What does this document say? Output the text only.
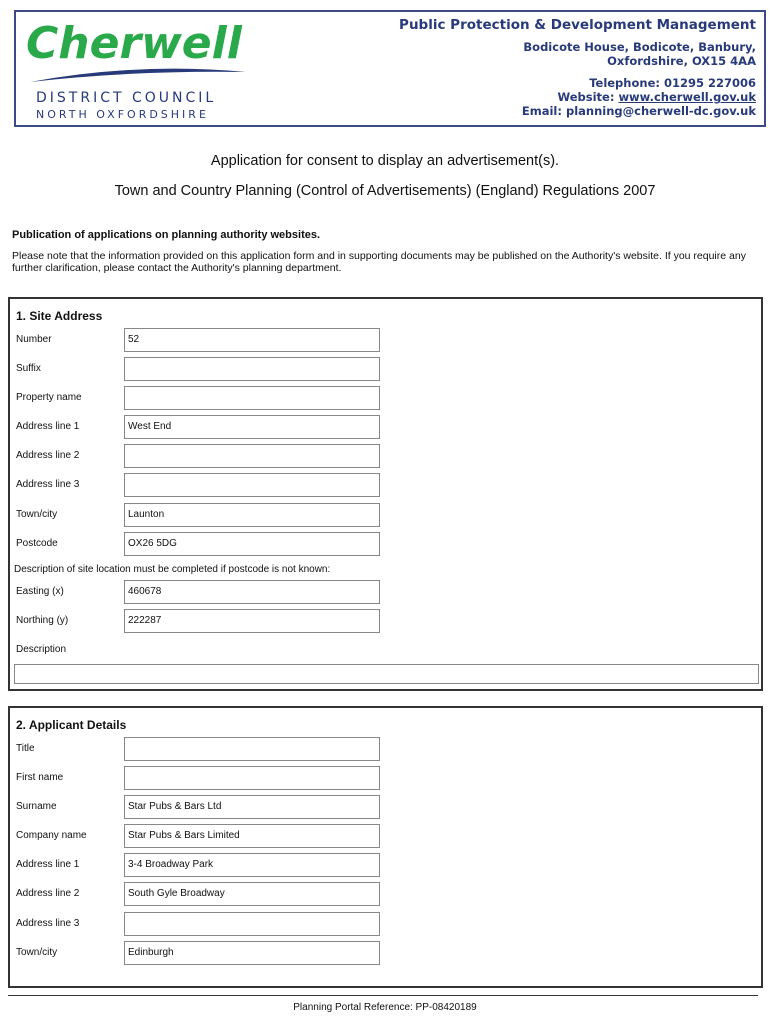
Cherwell
DISTRICT COUNCIL
NORTH OXFORDSHIRE
Public Protection & Development Management
Bodicote House, Bodicote, Banbury,
Oxfordshire, OX15 4AA
Telephone: 01295 227006
Website: www.cherwell.gov.uk
Email: planning@cherwell-dc.gov.uk
Application for consent to display an advertisement(s).
Town and Country Planning (Control of Advertisements) (England) Regulations 2007
Publication of applications on planning authority websites.
Please note that the information provided on this application form and in supporting documents may be published on the Authority's website. If you require any further clarification, please contact the Authority's planning department.
1. Site Address
Number	52
Suffix
Property name
Address line 1	West End
Address line 2
Address line 3
Town/city	Launton
Postcode	OX26 5DG
Description of site location must be completed if postcode is not known:
Easting (x)	460678
Northing (y)	222287
Description
2. Applicant Details
Title
First name
Surname	Star Pubs & Bars Ltd
Company name	Star Pubs & Bars Limited
Address line 1	3-4 Broadway Park
Address line 2	South Gyle Broadway
Address line 3
Town/city	Edinburgh
Planning Portal Reference: PP-08420189
